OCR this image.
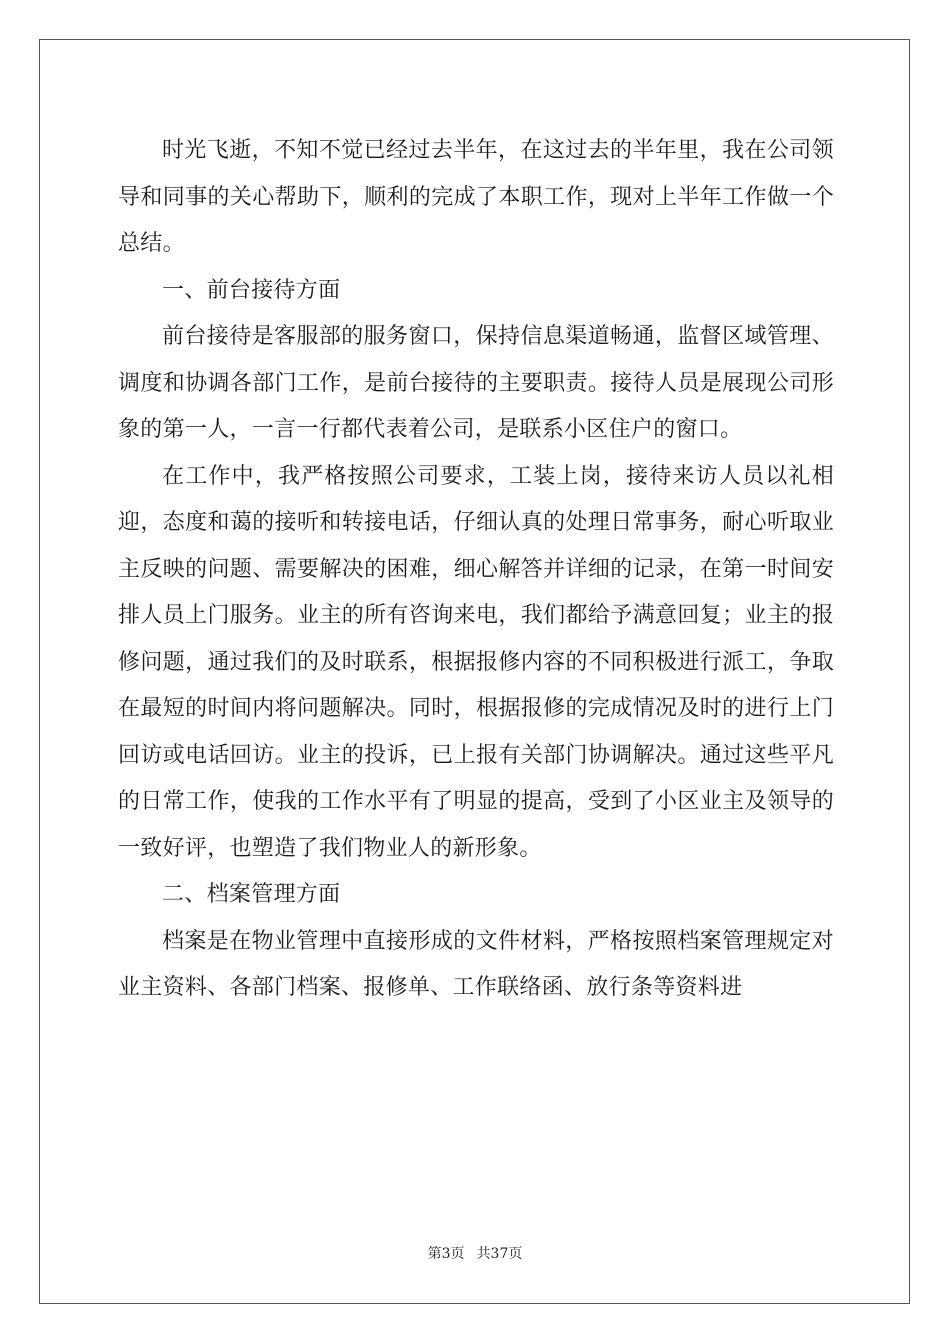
时光飞逝，不知不觉已经过去半年，在这过去的半年里，我在公司领导和同事的关心帮助下，顺利的完成了本职工作，现对上半年工作做一个总结。

一、前台接待方面

前台接待是客服部的服务窗口，保持信息渠道畅通，监督区域管理、调度和协调各部门工作，是前台接待的主要职责。接待人员是展现公司形象的第一人，一言一行都代表着公司，是联系小区住户的窗口。

在工作中，我严格按照公司要求，工装上岗，接待来访人员以礼相迎，态度和蔼的接听和转接电话，仔细认真的处理日常事务，耐心听取业主反映的问题、需要解决的困难，细心解答并详细的记录，在第一时间安排人员上门服务。业主的所有咨询来电，我们都给予满意回复；业主的报修问题，通过我们的及时联系，根据报修内容的不同积极进行派工，争取在最短的时间内将问题解决。同时，根据报修的完成情况及时的进行上门回访或电话回访。业主的投诉，已上报有关部门协调解决。通过这些平凡的日常工作，使我的工作水平有了明显的提高，受到了小区业主及领导的一致好评，也塑造了我们物业人的新形象。

二、档案管理方面

档案是在物业管理中直接形成的文件材料，严格按照档案管理规定对业主资料、各部门档案、报修单、工作联络函、放行条等资料进

第3页 共37页
